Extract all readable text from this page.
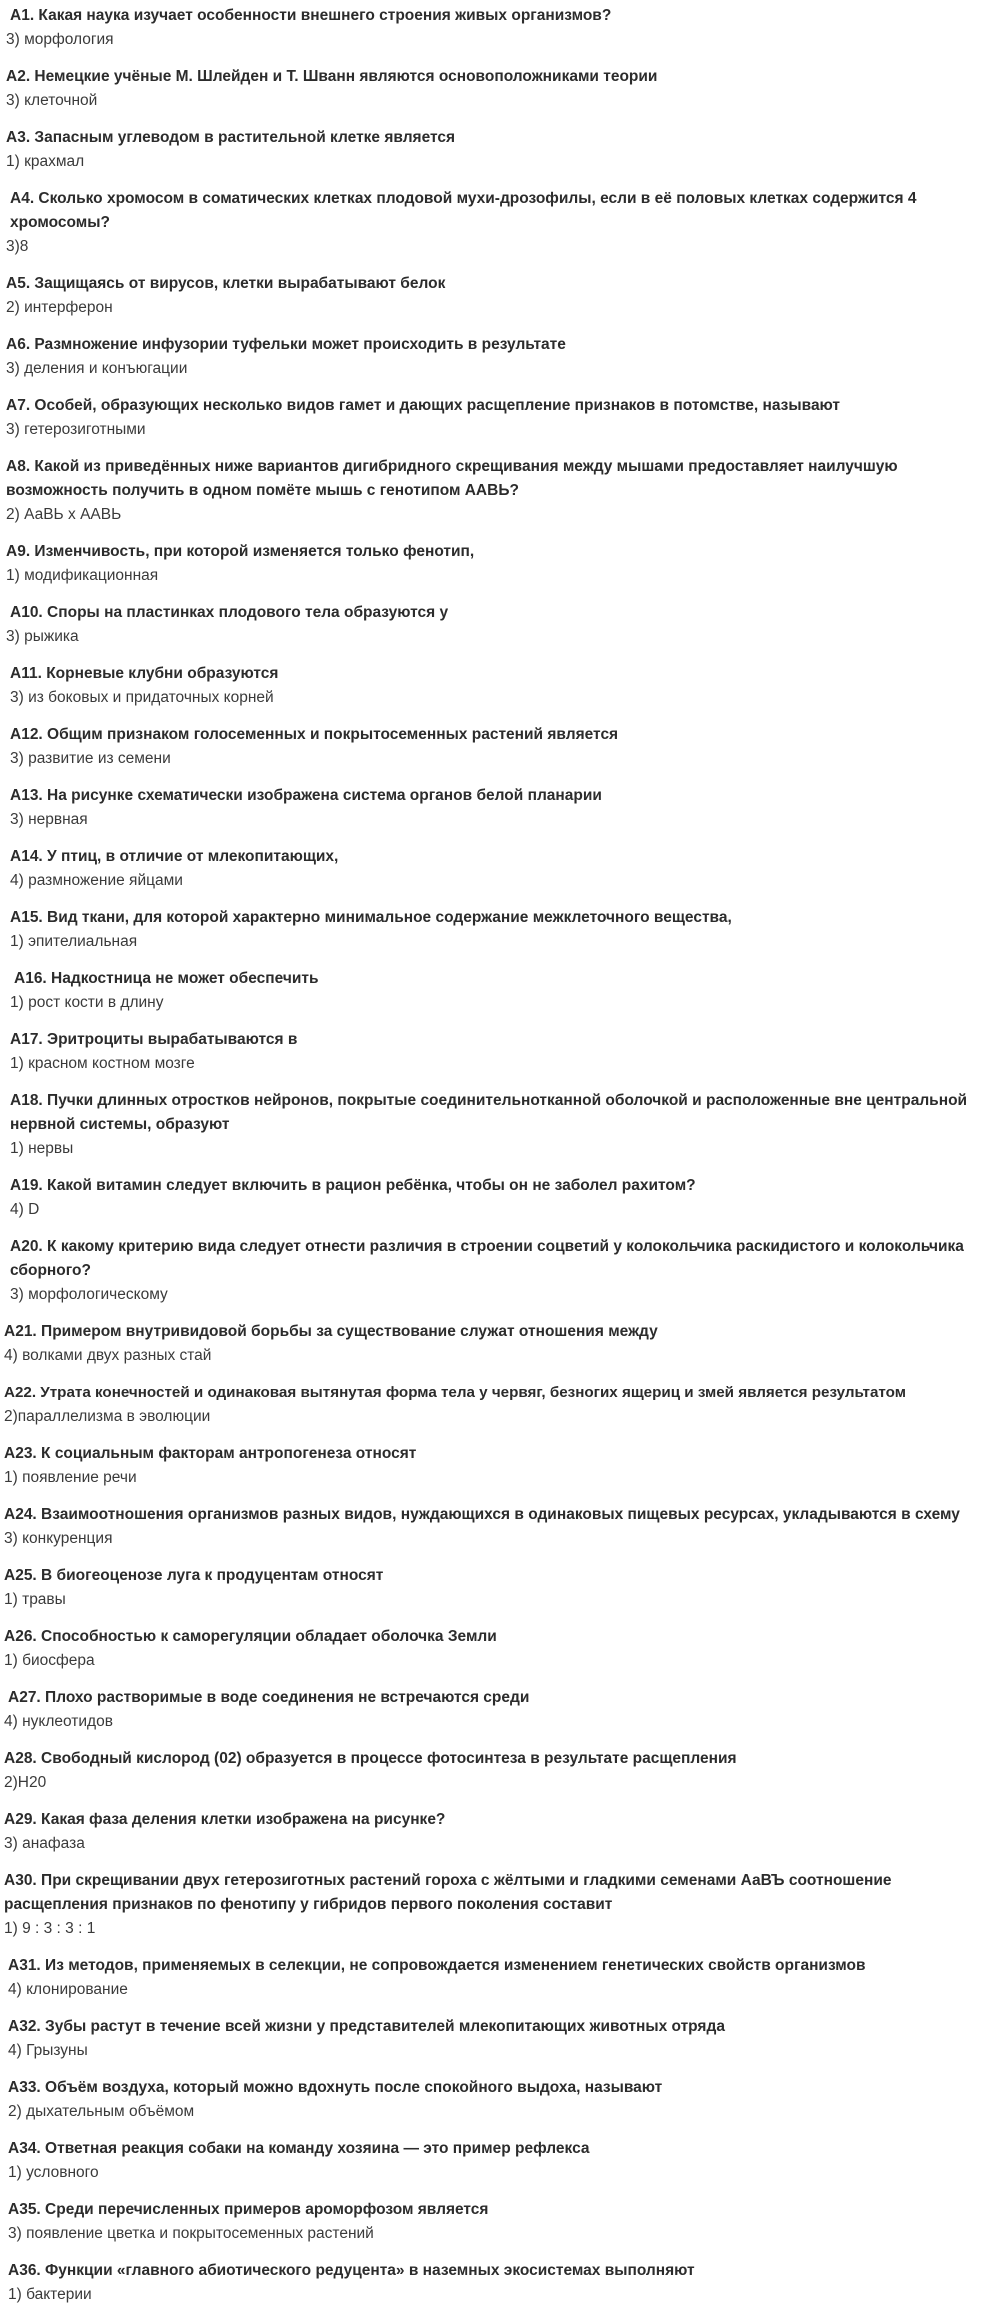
А1. Какая наука изучает особенности внешнего строения живых организмов?

3) морфология

А2. Немецкие учёные М. Шлейден и Т. Шванн являются основоположниками теории

3) клеточной

А3. Запасным углеводом в растительной клетке является

1) крахмал

А4. Сколько хромосом в соматических клетках плодовой мухи-дрозофилы, если в её половых клетках содержится 4 хромосомы?

3)8

А5. Защищаясь от вирусов, клетки вырабатывают белок

2) интерферон

А6. Размножение инфузории туфельки может происходить в результате

3) деления и конъюгации

А7. Особей, образующих несколько видов гамет и дающих расщепление признаков в потомстве, называют

3) гетерозиготными

А8. Какой из приведённых ниже вариантов дигибридного скрещивания между мышами предоставляет наилучшую возможность получить в одном помёте мышь с генотипом ААВЬ?

2) АаВЬ х ААВЬ

А9. Изменчивость, при которой изменяется только фенотип,

1) модификационная

А10. Споры на пластинках плодового тела образуются у

3) рыжика

А11. Корневые клубни образуются

3) из боковых и придаточных корней

А12. Общим признаком голосеменных и покрытосеменных растений является

3) развитие из семени

А13. На рисунке схематически изображена система органов белой планарии

3) нервная

А14. У птиц, в отличие от млекопитающих,

4) размножение яйцами

А15. Вид ткани, для которой характерно минимальное содержание межклеточного вещества,

1) эпителиальная

А16. Надкостница не может обеспечить

1) рост кости в длину

А17. Эритроциты вырабатываются в

1) красном костном мозге

А18. Пучки длинных отростков нейронов, покрытые соединительнотканной оболочкой и расположенные вне центральной нервной системы, образуют

1) нервы

А19. Какой витамин следует включить в рацион ребёнка, чтобы он не заболел рахитом?

4) D

А20. К какому критерию вида следует отнести различия в строении соцветий у колокольчика раскидистого и колокольчика сборного?

3) морфологическому

А21. Примером внутривидовой борьбы за существование служат отношения между

4) волками двух разных стай

А22. Утрата конечностей и одинаковая вытянутая форма тела у червяг, безногих ящериц и змей является результатом

2)параллелизма в эволюции

А23. К социальным факторам антропогенеза относят

1) появление речи

А24. Взаимоотношения организмов разных видов, нуждающихся в одинаковых пищевых ресурсах, укладываются в схему

3) конкуренция

А25. В биогеоценозе луга к продуцентам относят

1) травы

А26. Способностью к саморегуляции обладает оболочка Земли

1) биосфера

А27. Плохо растворимые в воде соединения не встречаются среди

4) нуклеотидов

А28. Свободный кислород (02) образуется в процессе фотосинтеза в результате расщепления

2)Н20

А29. Какая фаза деления клетки изображена на рисунке?

3) анафаза

А30. При скрещивании двух гетерозиготных растений гороха с жёлтыми и гладкими семенами АаВЪ соотношение расщепления признаков по фенотипу у гибридов первого поколения составит

1) 9 : 3 : 3 : 1

А31. Из методов, применяемых в селекции, не сопровождается изменением генетических свойств организмов

4) клонирование

А32. Зубы растут в течение всей жизни у представителей млекопитающих животных отряда

4) Грызуны

А33. Объём воздуха, который можно вдохнуть после спокойного выдоха, называют

2) дыхательным объёмом

А34. Ответная реакция собаки на команду хозяина — это пример рефлекса

1) условного

А35. Среди перечисленных примеров ароморфозом является

3) появление цветка и покрытосеменных растений

А36. Функции «главного абиотического редуцента» в наземных экосистемах выполняют

1) бактерии
